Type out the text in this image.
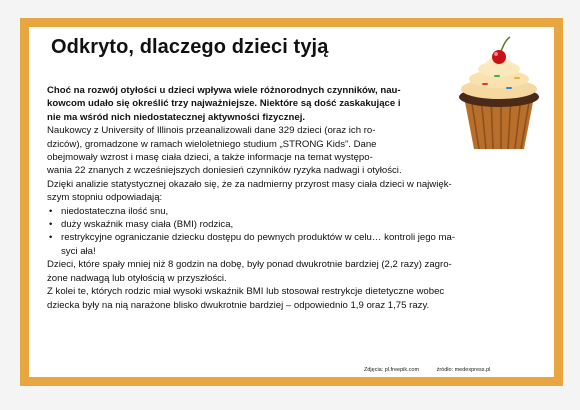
Odkryto, dlaczego dzieci tyją

Choć na rozwój otyłości u dzieci wpływa wiele różnorodnych czynników, nau-
kowcom udało się określić trzy najważniejsze. Niektóre są dość zaskakujące i
nie ma wśród nich niedostatecznej aktywności fizycznej.

Naukowcy z University of Illinois przeanalizowali dane 329 dzieci (oraz ich ro-
dziców), gromadzone w ramach wieloletniego studium „STRONG Kids”. Dane
obejmowały wzrost i masę ciała dzieci, a także informacje na temat występo-
wania 22 znanych z wcześniejszych doniesień czynników ryzyka nadwagi i otyłości.

Dzięki analizie statystycznej okazało się, że za nadmierny przyrost masy ciała dzieci w najwięk-
szym stopniu odpowiadają:

• niedostateczna ilość snu,
• duży wskaźnik masy ciała (BMI) rodzica,
• restrykcyjne ograniczanie dziecku dostępu do pewnych produktów w celu… kontroli jego ma-
syci ała!

Dzieci, które spały mniej niż 8 godzin na dobę, były ponad dwukrotnie bardziej (2,2 razy) zagro-
żone nadwagą lub otyłością w przyszłości.

Z kolei te, których rodzic miał wysoki wskaźnik BMI lub stosował restrykcje dietetyczne wobec
dziecka były na nią narażone blisko dwukrotnie bardziej – odpowiednio 1,9 oraz 1,75 razy.

Zdjęcia: pl.freepik.com	źródło: medexpress.pl
